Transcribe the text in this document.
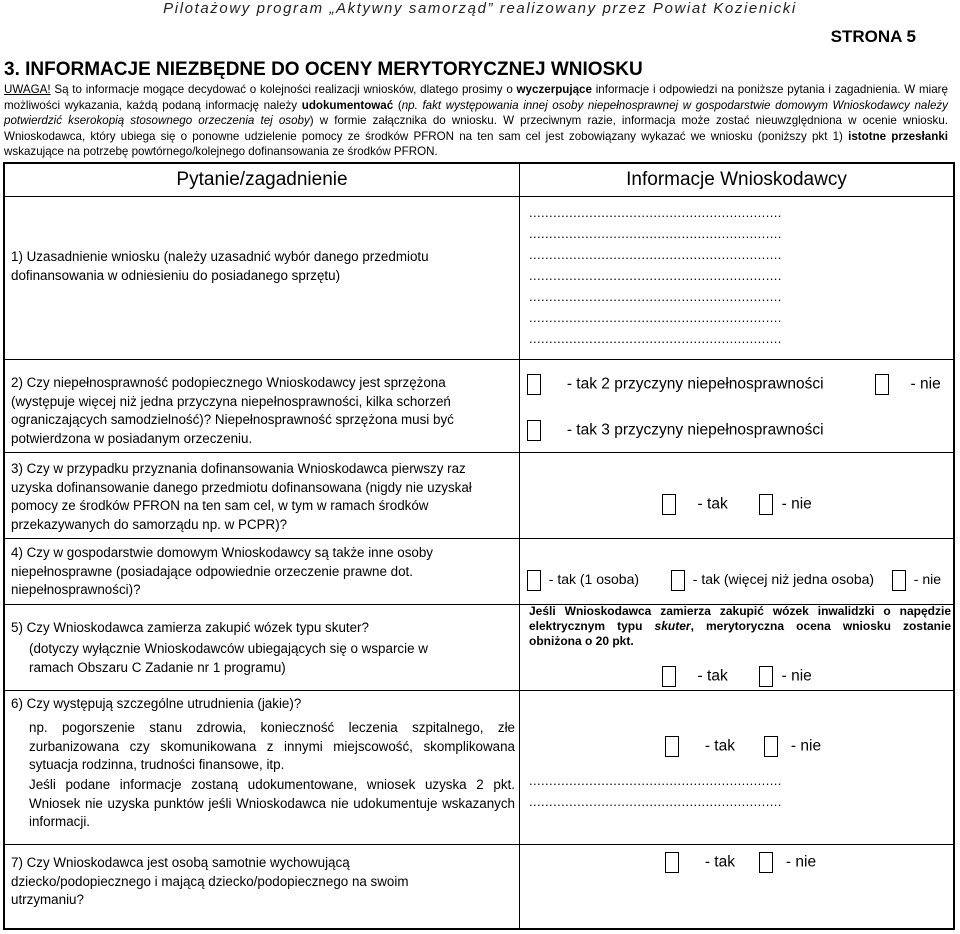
Pilotażowy program „Aktywny samorząd” realizowany przez Powiat Kozienicki
STRONA 5
3. INFORMACJE NIEZBĘDNE DO OCENY MERYTORYCZNEJ WNIOSKU
UWAGA! Są to informacje mogące decydować o kolejności realizacji wniosków, dlatego prosimy o wyczerpujące informacje i odpowiedzi na poniższe pytania i zagadnienia. W miarę możliwości wykazania, każdą podaną informację należy udokumentować (np. fakt występowania innej osoby niepełnosprawnej w gospodarstwie domowym Wnioskodawcy należy potwierdzić kserokopią stosownego orzeczenia tej osoby) w formie załącznika do wniosku. W przeciwnym razie, informacja może zostać nieuwzględniona w ocenie wniosku. Wnioskodawca, który ubiega się o ponowne udzielenie pomocy ze środków PFRON na ten sam cel jest zobowiązany wykazać we wniosku (poniższy pkt 1) istotne przesłanki wskazujące na potrzebę powtórnego/kolejnego dofinansowania ze środków PFRON.
Pytanie/zagadnienie	Informacje Wnioskodawcy
1) Uzasadnienie wniosku (należy uzasadnić wybór danego przedmiotu dofinansowania w odniesieniu do posiadanego sprzętu)
...............................................................
...............................................................
...............................................................
...............................................................
...............................................................
...............................................................
...............................................................
2) Czy niepełnosprawność podopiecznego Wnioskodawcy jest sprzężona (występuje więcej niż jedna przyczyna niepełnosprawności, kilka schorzeń ograniczających samodzielność)? Niepełnosprawność sprzężona musi być potwierdzona w posiadanym orzeczeniu.
- tak 2 przyczyny niepełnosprawności	- nie
- tak 3 przyczyny niepełnosprawności
3) Czy w przypadku przyznania dofinansowania Wnioskodawca pierwszy raz uzyska dofinansowanie danego przedmiotu dofinansowana (nigdy nie uzyskał pomocy ze środków PFRON na ten sam cel, w tym w ramach środków przekazywanych do samorządu np. w PCPR)?
- tak	- nie
4) Czy w gospodarstwie domowym Wnioskodawcy są także inne osoby niepełnosprawne (posiadające odpowiednie orzeczenie prawne dot. niepełnosprawności)?
- tak (1 osoba)	- tak (więcej niż jedna osoba)	- nie
5) Czy Wnioskodawca zamierza zakupić wózek typu skuter?
(dotyczy wyłącznie Wnioskodawców ubiegających się o wsparcie w ramach Obszaru C Zadanie nr 1 programu)
Jeśli Wnioskodawca zamierza zakupić wózek inwalidzki o napędzie elektrycznym typu skuter, merytoryczna ocena wniosku zostanie obniżona o 20 pkt.
- tak	- nie
6) Czy występują szczególne utrudnienia (jakie)?
np. pogorszenie stanu zdrowia, konieczność leczenia szpitalnego, złe zurbanizowana czy skomunikowana z innymi miejscowość, skomplikowana sytuacja rodzinna, trudności finansowe, itp.
Jeśli podane informacje zostaną udokumentowane, wniosek uzyska 2 pkt. Wniosek nie uzyska punktów jeśli Wnioskodawca nie udokumentuje wskazanych informacji.
- tak	- nie
...............................................................
...............................................................
7) Czy Wnioskodawca jest osobą samotnie wychowującą dziecko/podopiecznego i mającą dziecko/podopiecznego na swoim utrzymaniu?
- tak	- nie
